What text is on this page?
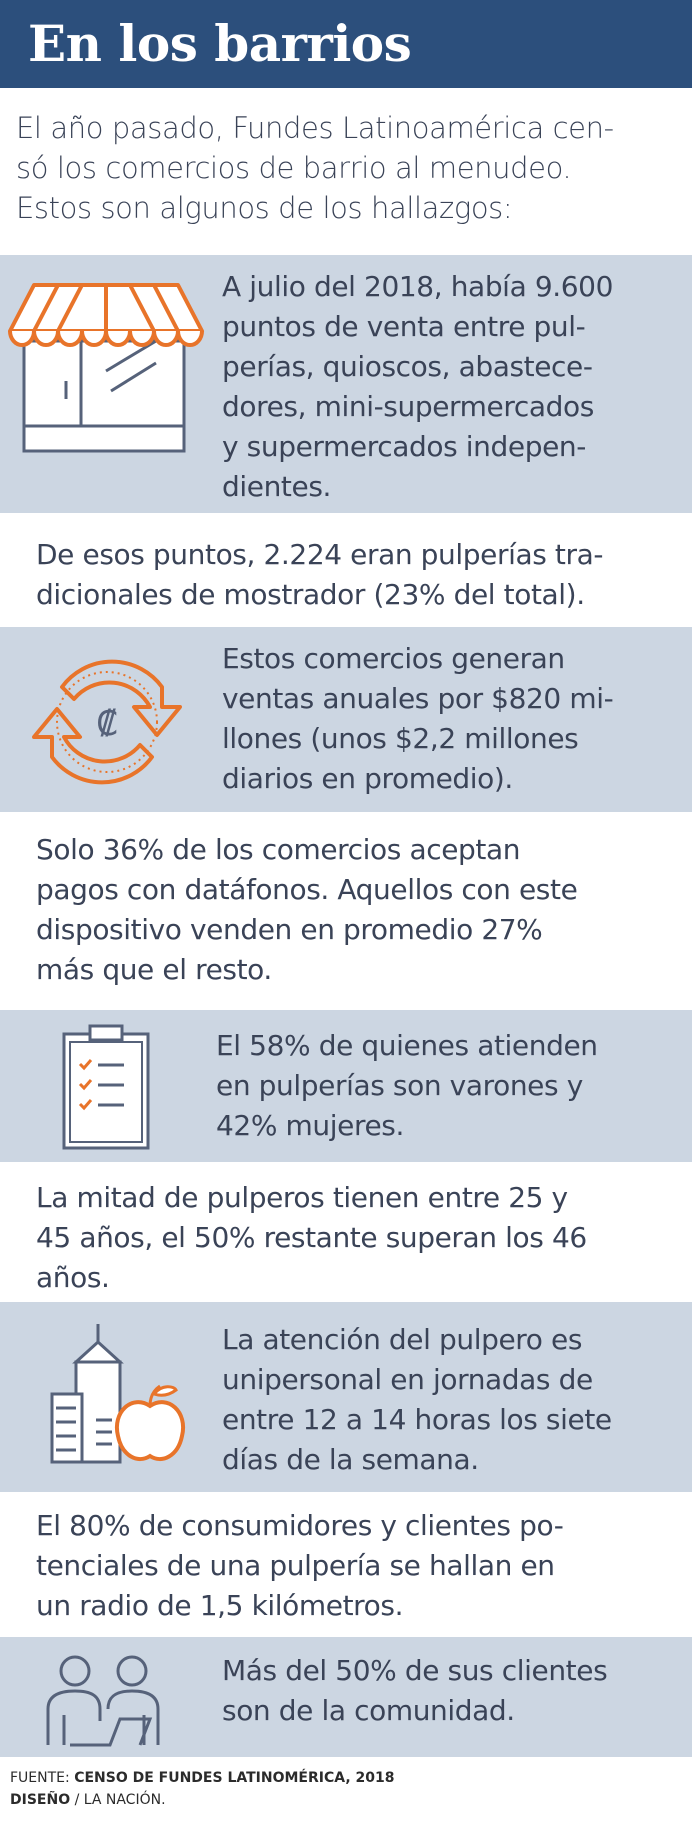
En los barrios
El año pasado, Fundes Latinoamérica cen-
só los comercios de barrio al menudeo.
Estos son algunos de los hallazgos:
A julio del 2018, había 9.600
puntos de venta entre pul-
perías, quioscos, abastece-
dores, mini-supermercados
y supermercados indepen-
dientes.
De esos puntos, 2.224 eran pulperías tra-
dicionales de mostrador (23% del total).
₡
Estos comercios generan
ventas anuales por $820 mi-
llones (unos $2,2 millones
diarios en promedio).
Solo 36% de los comercios aceptan
pagos con datáfonos. Aquellos con este
dispositivo venden en promedio 27%
más que el resto.
El 58% de quienes atienden
en pulperías son varones y
42% mujeres.
La mitad de pulperos tienen entre 25 y
45 años, el 50% restante superan los 46
años.
La atención del pulpero es
unipersonal en jornadas de
entre 12 a 14 horas los siete
días de la semana.
El 80% de consumidores y clientes po-
tenciales de una pulpería se hallan en
un radio de 1,5 kilómetros.
Más del 50% de sus clientes
son de la comunidad.
FUENTE: CENSO DE FUNDES LATINOMÉRICA, 2018
DISEÑO / LA NACIÓN.
